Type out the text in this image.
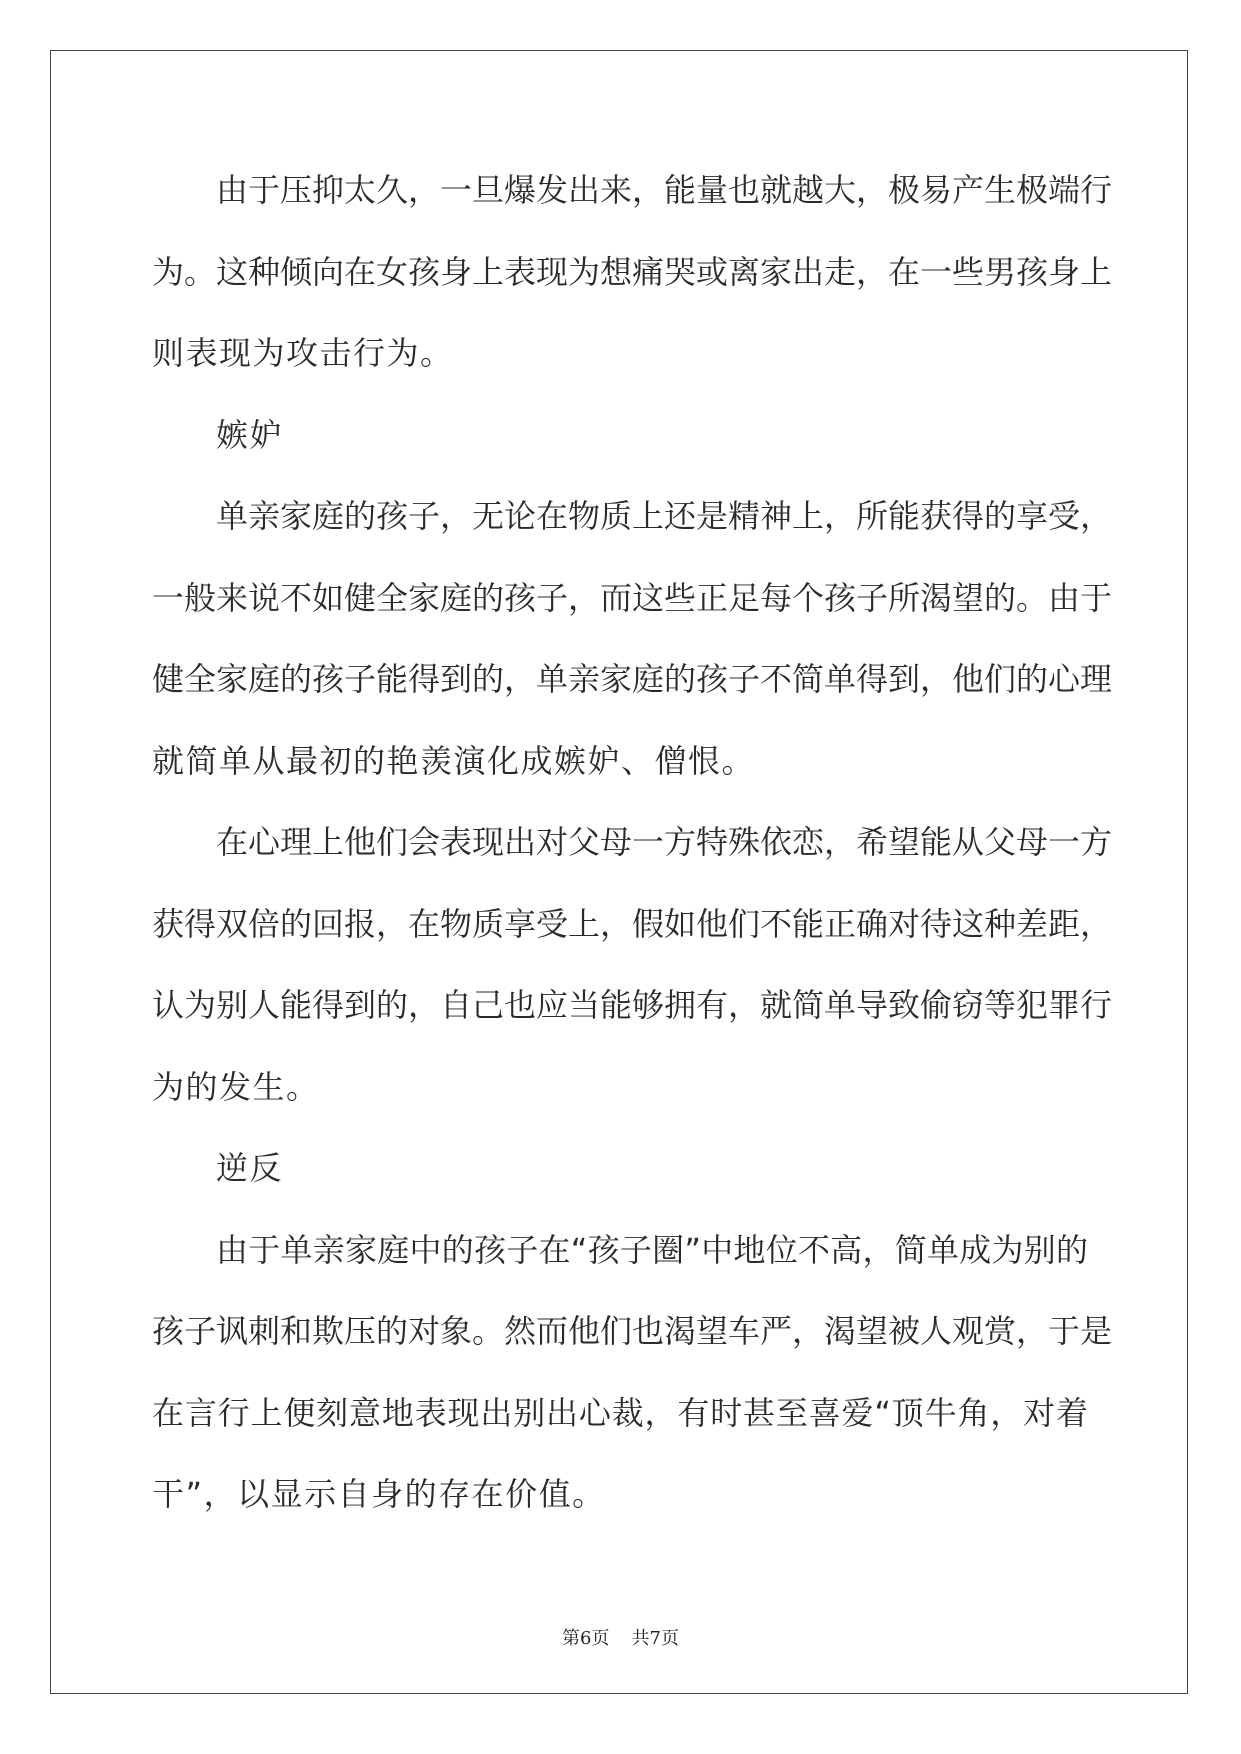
由于压抑太久，一旦爆发出来，能量也就越大，极易产生极端行
为。这种倾向在女孩身上表现为想痛哭或离家出走，在一些男孩身上
则表现为攻击行为。
嫉妒
单亲家庭的孩子，无论在物质上还是精神上，所能获得的享受，
一般来说不如健全家庭的孩子，而这些正足每个孩子所渴望的。由于
健全家庭的孩子能得到的，单亲家庭的孩子不简单得到，他们的心理
就简单从最初的艳羡演化成嫉妒、僧恨。
在心理上他们会表现出对父母一方特殊依恋，希望能从父母一方
获得双倍的回报，在物质享受上，假如他们不能正确对待这种差距，
认为别人能得到的，自己也应当能够拥有，就简单导致偷窃等犯罪行
为的发生。
逆反
由于单亲家庭中的孩子在“孩子圈”中地位不高，简单成为别的
孩子讽刺和欺压的对象。然而他们也渴望车严，渴望被人观赏，于是
在言行上便刻意地表现出别出心裁，有时甚至喜爱“顶牛角，对着
干”，以显示自身的存在价值。
第6页 共7页
